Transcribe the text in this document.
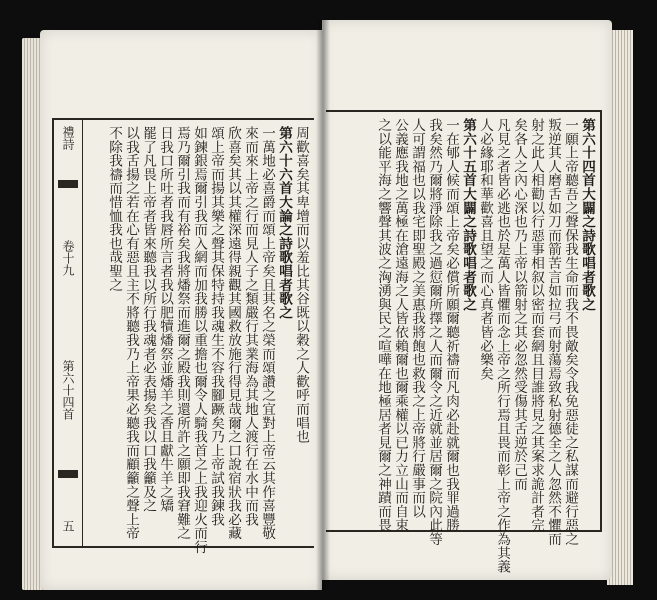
禮詩
卷十九
第六十四首
五
周歡喜矣其卑增而以羞比其谷既以穀之人歡呼而唱也
第六十六首大論之詩歌唱者歌之
一萬地必喜爵而頌上帝矣且其名之榮而頌讚之宜對上帝云其作喜豐敬
來而來上帝之行而見人子之類嚴行其業海為其地人渡行在水中而我
欣喜矣其以其權深遠得親觀其國救放施行得見哉爾之口說宿狀我必藏
頌上帝而揚其樂之聲其保特持我魂生不容我腳蹶矣乃上帝試我鍊我
如鍊銀焉爾引我而入網而加我勝以重擔也爾令人騎我首之上我迎火而行
焉乃爾引我而有裕矣我將燔祭而進爾之殿我則還所許之願即我窘難之
日我口所吐者我唇所言者我以肥犢燔祭並燔羊之香且獻牛羊之矯
罷了凡畏上帝者皆來聽我以所行我魂者必表揚矣我以口我籲及之
以我舌揚之若在心有惡且主不將聽我乃上帝果必聽我而顧籲之聲上帝
不除我禱而惜恤我也哉聖之	第六十四首大闢之詩歌唱者歌之
一願上帝聽吾之聲保我生命而我不畏敵矣令我免惡徒之私謀而避行惡之
叛逆其人磨舌如刀而箭苦言如拉弓而射蕩焉致私射德全之人忽然不懼而
射之此人相勸以行惡事相叙以密而套網且目誰將見之其案求詭計者完
矣各人之內心深也乃上帝以箭射之其必忽然受傷其舌逆於己而
凡見之者皆必逃也於是萬人皆懼而念上帝之所行焉且畏而彰上帝之作為其義
人必緣耶和華歡喜且望之而心真者皆必樂矣
第六十五首大闢之詩歌唱者歌之
一在郇人候而頌上帝矣必償所願爾聽祈禱而凡肉必赴就爾也我罪過勝
我矣然乃爾將淨除我之過愆爾所擇之人而爾令之近就並居爾之院內此等
人可謂福也以我宅即聖殿之美惠我將飽也救我之上帝將行嚴事而以
公義應我地之萬極在滄遠海之人皆依賴爾也爾乘權以已力立山而自束
之以能平海之響聲其波之洶湧與民之喧嘩在地極居者見爾之神蹟而畏
